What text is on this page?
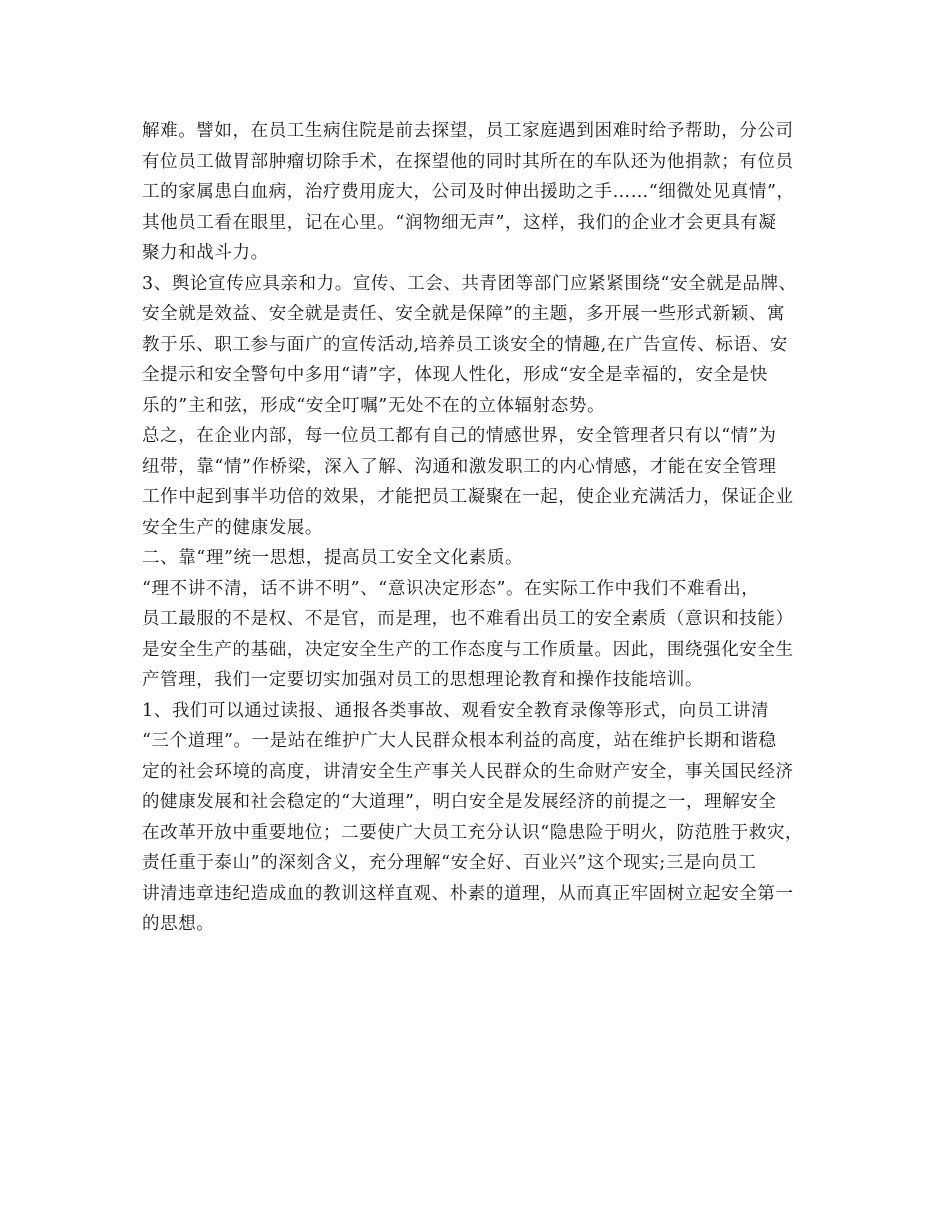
解难。譬如，在员工生病住院是前去探望，员工家庭遇到困难时给予帮助，分公司
有位员工做胃部肿瘤切除手术，在探望他的同时其所在的车队还为他捐款；有位员
工的家属患白血病，治疗费用庞大，公司及时伸出援助之手……“细微处见真情”，
其他员工看在眼里，记在心里。“润物细无声”，这样，我们的企业才会更具有凝
聚力和战斗力。
3、舆论宣传应具亲和力。宣传、工会、共青团等部门应紧紧围绕“安全就是品牌、
安全就是效益、安全就是责任、安全就是保障”的主题，多开展一些形式新颖、寓
教于乐、职工参与面广的宣传活动,培养员工谈安全的情趣,在广告宣传、标语、安
全提示和安全警句中多用“请”字，体现人性化，形成“安全是幸福的，安全是快
乐的”主和弦，形成“安全叮嘱”无处不在的立体辐射态势。
总之，在企业内部，每一位员工都有自己的情感世界，安全管理者只有以“情”为
纽带，靠“情”作桥梁，深入了解、沟通和激发职工的内心情感，才能在安全管理
工作中起到事半功倍的效果，才能把员工凝聚在一起，使企业充满活力，保证企业
安全生产的健康发展。
二、靠“理”统一思想，提高员工安全文化素质。
“理不讲不清，话不讲不明”、“意识决定形态”。在实际工作中我们不难看出，
员工最服的不是权、不是官，而是理，也不难看出员工的安全素质（意识和技能）
是安全生产的基础，决定安全生产的工作态度与工作质量。因此，围绕强化安全生
产管理，我们一定要切实加强对员工的思想理论教育和操作技能培训。
1、我们可以通过读报、通报各类事故、观看安全教育录像等形式，向员工讲清
“三个道理”。一是站在维护广大人民群众根本利益的高度，站在维护长期和谐稳
定的社会环境的高度，讲清安全生产事关人民群众的生命财产安全，事关国民经济
的健康发展和社会稳定的“大道理”，明白安全是发展经济的前提之一，理解安全
在改革开放中重要地位；二要使广大员工充分认识“隐患险于明火，防范胜于救灾，
责任重于泰山”的深刻含义，充分理解“安全好、百业兴”这个现实;三是向员工
讲清违章违纪造成血的教训这样直观、朴素的道理，从而真正牢固树立起安全第一
的思想。
